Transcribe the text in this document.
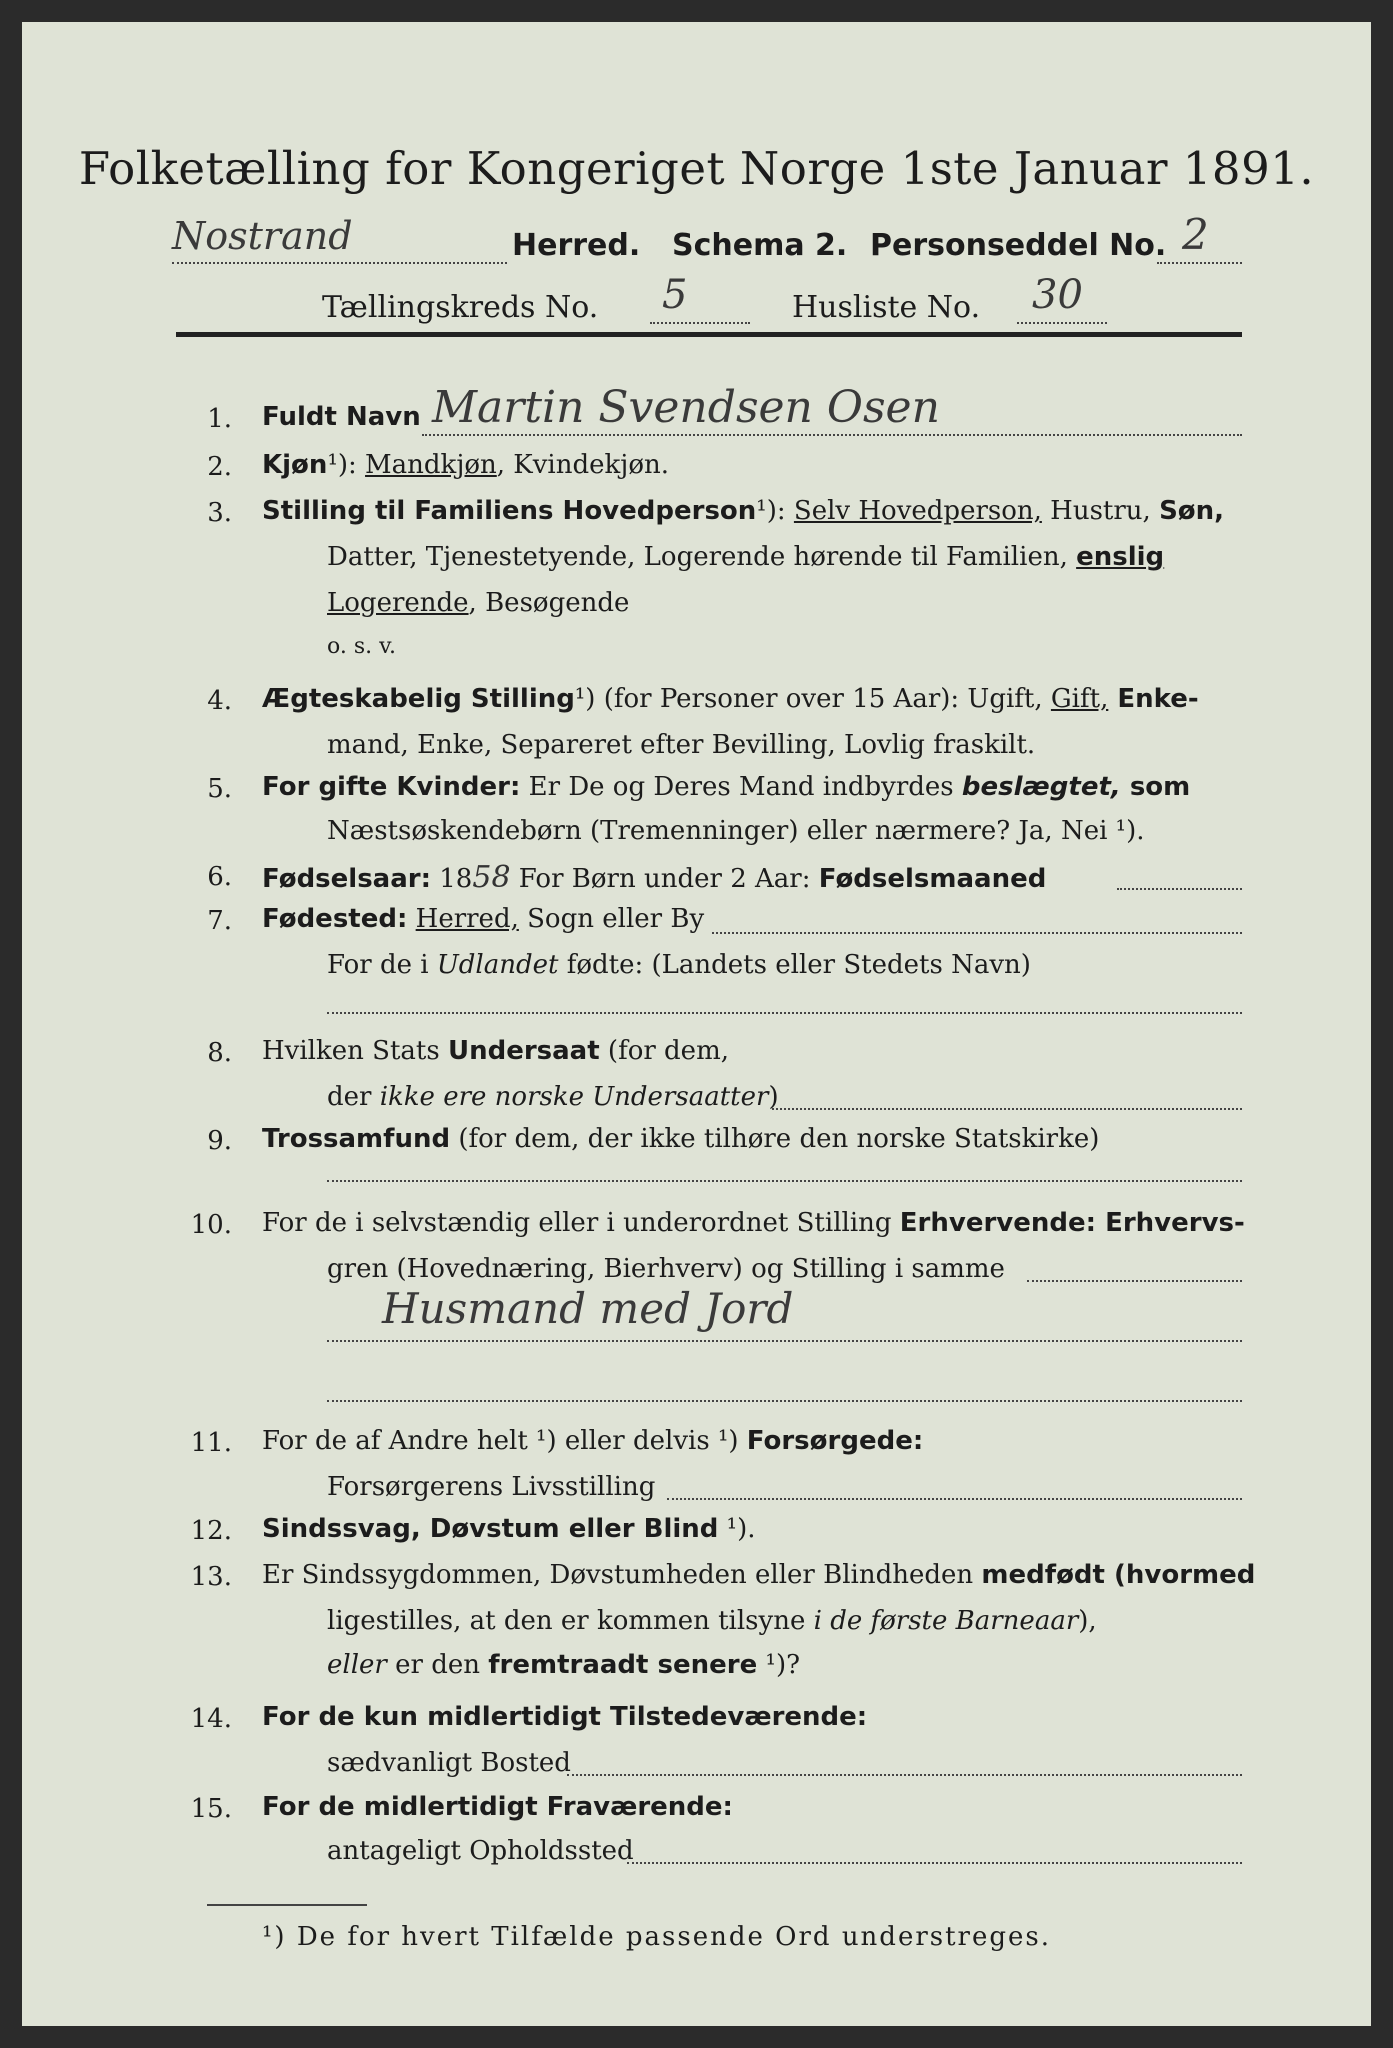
Folketælling for Kongeriget Norge 1ste Januar 1891.
Nostrand	Herred. Schema 2. Personseddel No. 2
Tællingskreds No. 5	Husliste No. 30
1. Fuldt Navn Martin Svendsen Osen
2. Kjøn¹): Mandkjøn, Kvindekjøn.
3. Stilling til Familiens Hovedperson¹): Selv Hovedperson, Hustru, Søn,
Datter, Tjenestetyende, Logerende hørende til Familien, enslig
Logerende, Besøgende
o. s. v.
4. Ægteskabelig Stilling¹) (for Personer over 15 Aar): Ugift, Gift, Enke-
mand, Enke, Separeret efter Bevilling, Lovlig fraskilt.
5. For gifte Kvinder: Er De og Deres Mand indbyrdes beslægtet, som
Næstsøskendebørn (Tremenninger) eller nærmere? Ja, Nei ¹).
6. Fødselsaar: 1858 For Børn under 2 Aar: Fødselsmaaned
7. Fødested: Herred, Sogn eller By
For de i Udlandet fødte: (Landets eller Stedets Navn)
8. Hvilken Stats Undersaat (for dem,
der ikke ere norske Undersaatter)
9. Trossamfund (for dem, der ikke tilhøre den norske Statskirke)
10. For de i selvstændig eller i underordnet Stilling Erhvervende: Erhvervs-
gren (Hovednæring, Bierhverv) og Stilling i samme
Husmand med Jord
11. For de af Andre helt ¹) eller delvis ¹) Forsørgede:
Forsørgerens Livsstilling
12. Sindssvag, Døvstum eller Blind ¹).
13. Er Sindssygdommen, Døvstumheden eller Blindheden medfødt (hvormed
ligestilles, at den er kommen tilsyne i de første Barneaar),
eller er den fremtraadt senere ¹)?
14. For de kun midlertidigt Tilstedeværende:
sædvanligt Bosted
15. For de midlertidigt Fraværende:
antageligt Opholdssted
¹) De for hvert Tilfælde passende Ord understreges.
